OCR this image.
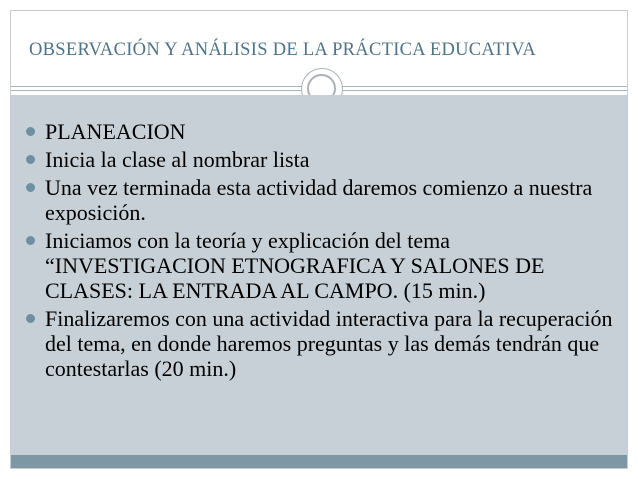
OBSERVACIÓN Y ANÁLISIS DE LA PRÁCTICA EDUCATIVA
PLANEACION
Inicia la clase al nombrar lista
Una vez terminada esta actividad daremos comienzo a nuestra exposición.
Iniciamos con la teoría y explicación del tema “INVESTIGACION ETNOGRAFICA Y SALONES DE CLASES: LA ENTRADA AL CAMPO. (15 min.)
Finalizaremos con una actividad interactiva para la recuperación del tema, en donde haremos preguntas y las demás tendrán que contestarlas (20 min.)
